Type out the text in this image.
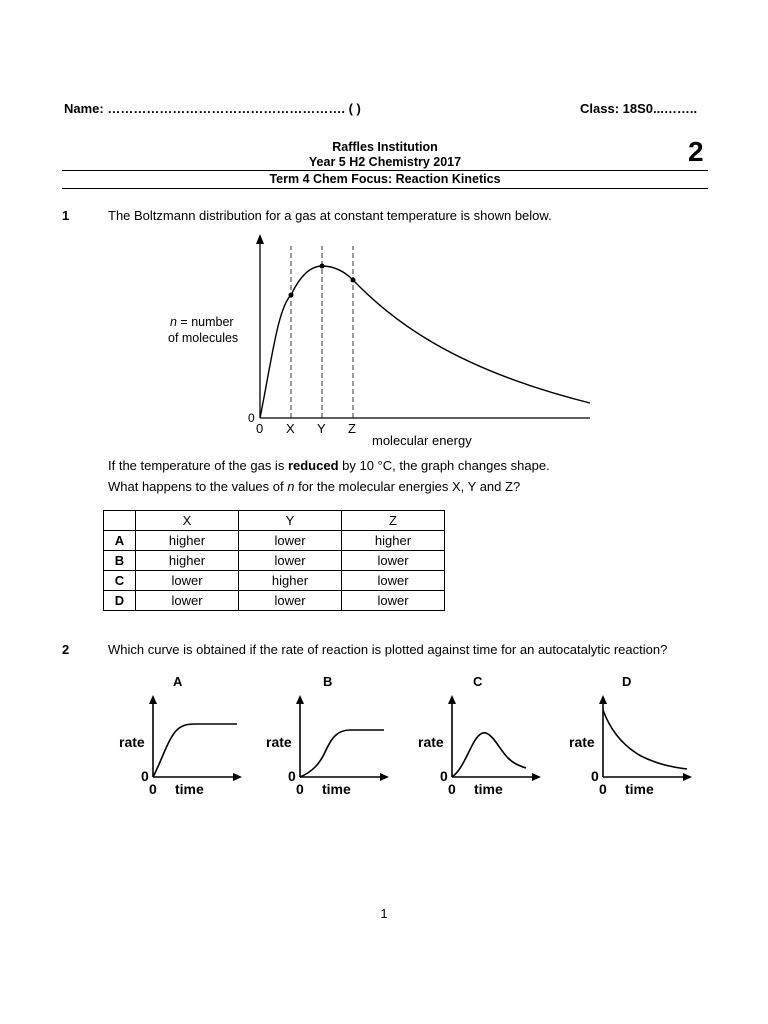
Name: ………………………………………………. ( )	Class: 18S0...……..
Raffles Institution
Year 5 H2 Chemistry 2017
Term 4 Chem Focus: Reaction Kinetics
2
1	The Boltzmann distribution for a gas at constant temperature is shown below.
n = number
of molecules
0
0 X Y Z
molecular energy
If the temperature of the gas is reduced by 10 °C, the graph changes shape.
What happens to the values of n for the molecular energies X, Y and Z?
	X	Y	Z
A	higher	lower	higher
B	higher	lower	lower
C	lower	higher	lower
D	lower	lower	lower
2	Which curve is obtained if the rate of reaction is plotted against time for an autocatalytic reaction?
A	B	C	D
rate
0
0 time
rate
0
0 time
rate
0
0 time
rate
0
0 time
1
